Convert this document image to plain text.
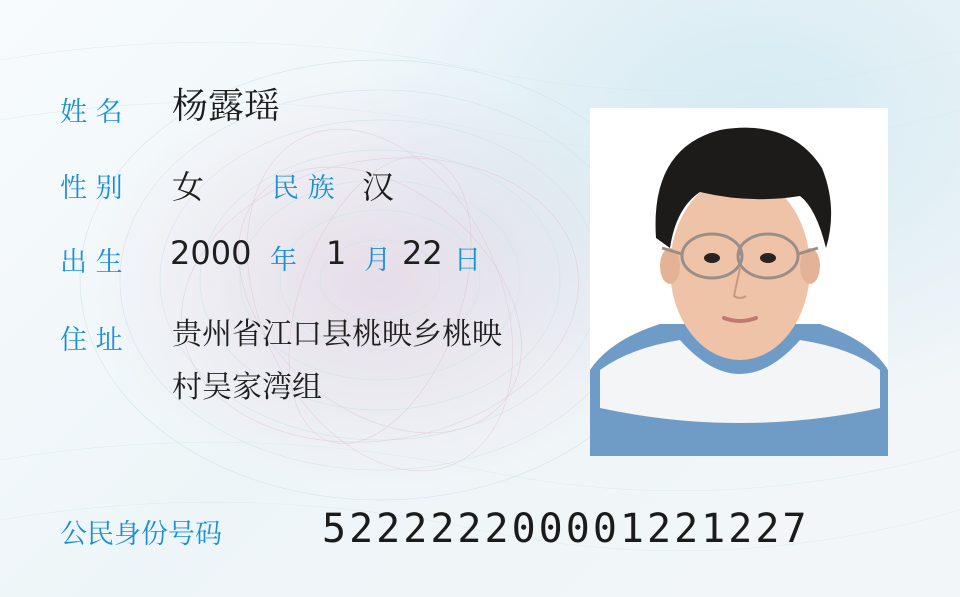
姓 名 杨露瑶
性 别 女	民 族 汉
出 生 2000 年 1 月 22 日
住 址 贵州省江口县桃映乡桃映
村吴家湾组
公民身份号码	522222200001221227
